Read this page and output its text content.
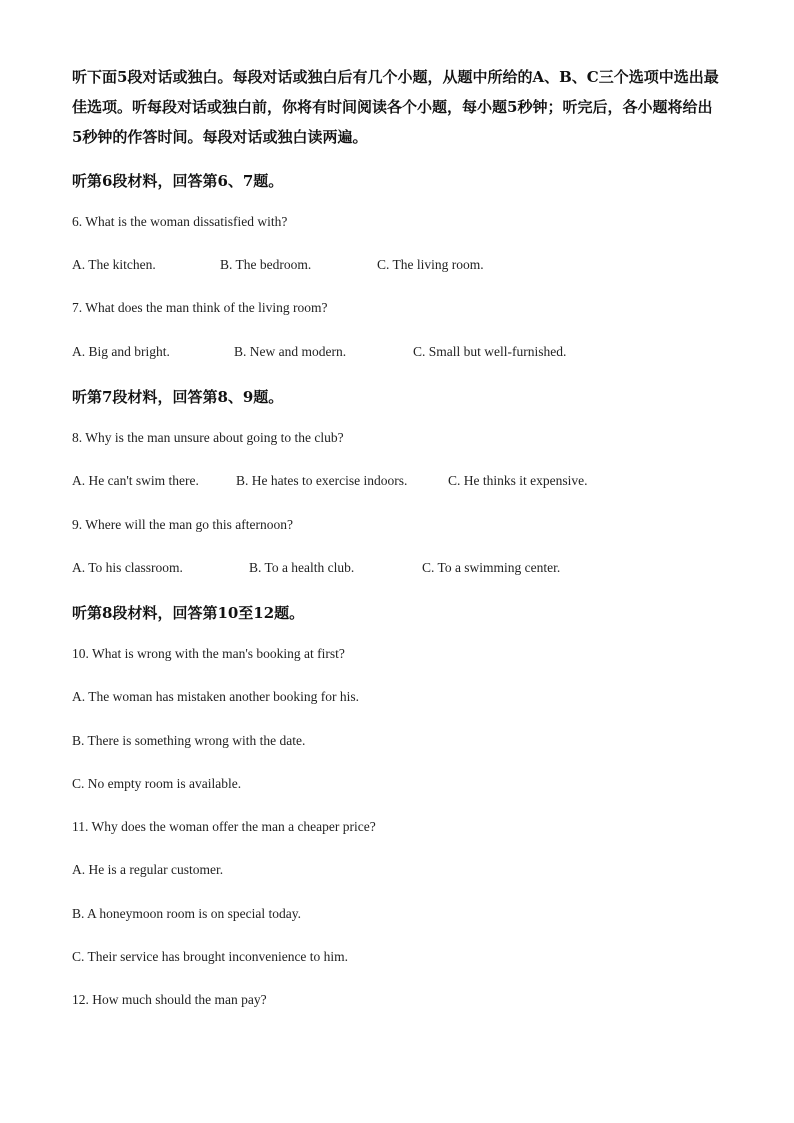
听下面5段对话或独白。每段对话或独白后有几个小题，从题中所给的A、B、C三个选项中选出最佳选项。听每段对话或独白前，你将有时间阅读各个小题，每小题5秒钟；听完后，各小题将给出5秒钟的作答时间。每段对话或独白读两遍。
听第6段材料，回答第6、7题。
6. What is the woman dissatisfied with?
A. The kitchen.	B. The bedroom.	C. The living room.
7. What does the man think of the living room?
A. Big and bright.	B. New and modern.	C. Small but well-furnished.
听第7段材料，回答第8、9题。
8. Why is the man unsure about going to the club?
A. He can't swim there.	B. He hates to exercise indoors.	C. He thinks it expensive.
9. Where will the man go this afternoon?
A. To his classroom.	B. To a health club.	C. To a swimming center.
听第8段材料，回答第10至12题。
10. What is wrong with the man's booking at first?
A. The woman has mistaken another booking for his.
B. There is something wrong with the date.
C. No empty room is available.
11. Why does the woman offer the man a cheaper price?
A. He is a regular customer.
B. A honeymoon room is on special today.
C. Their service has brought inconvenience to him.
12. How much should the man pay?
